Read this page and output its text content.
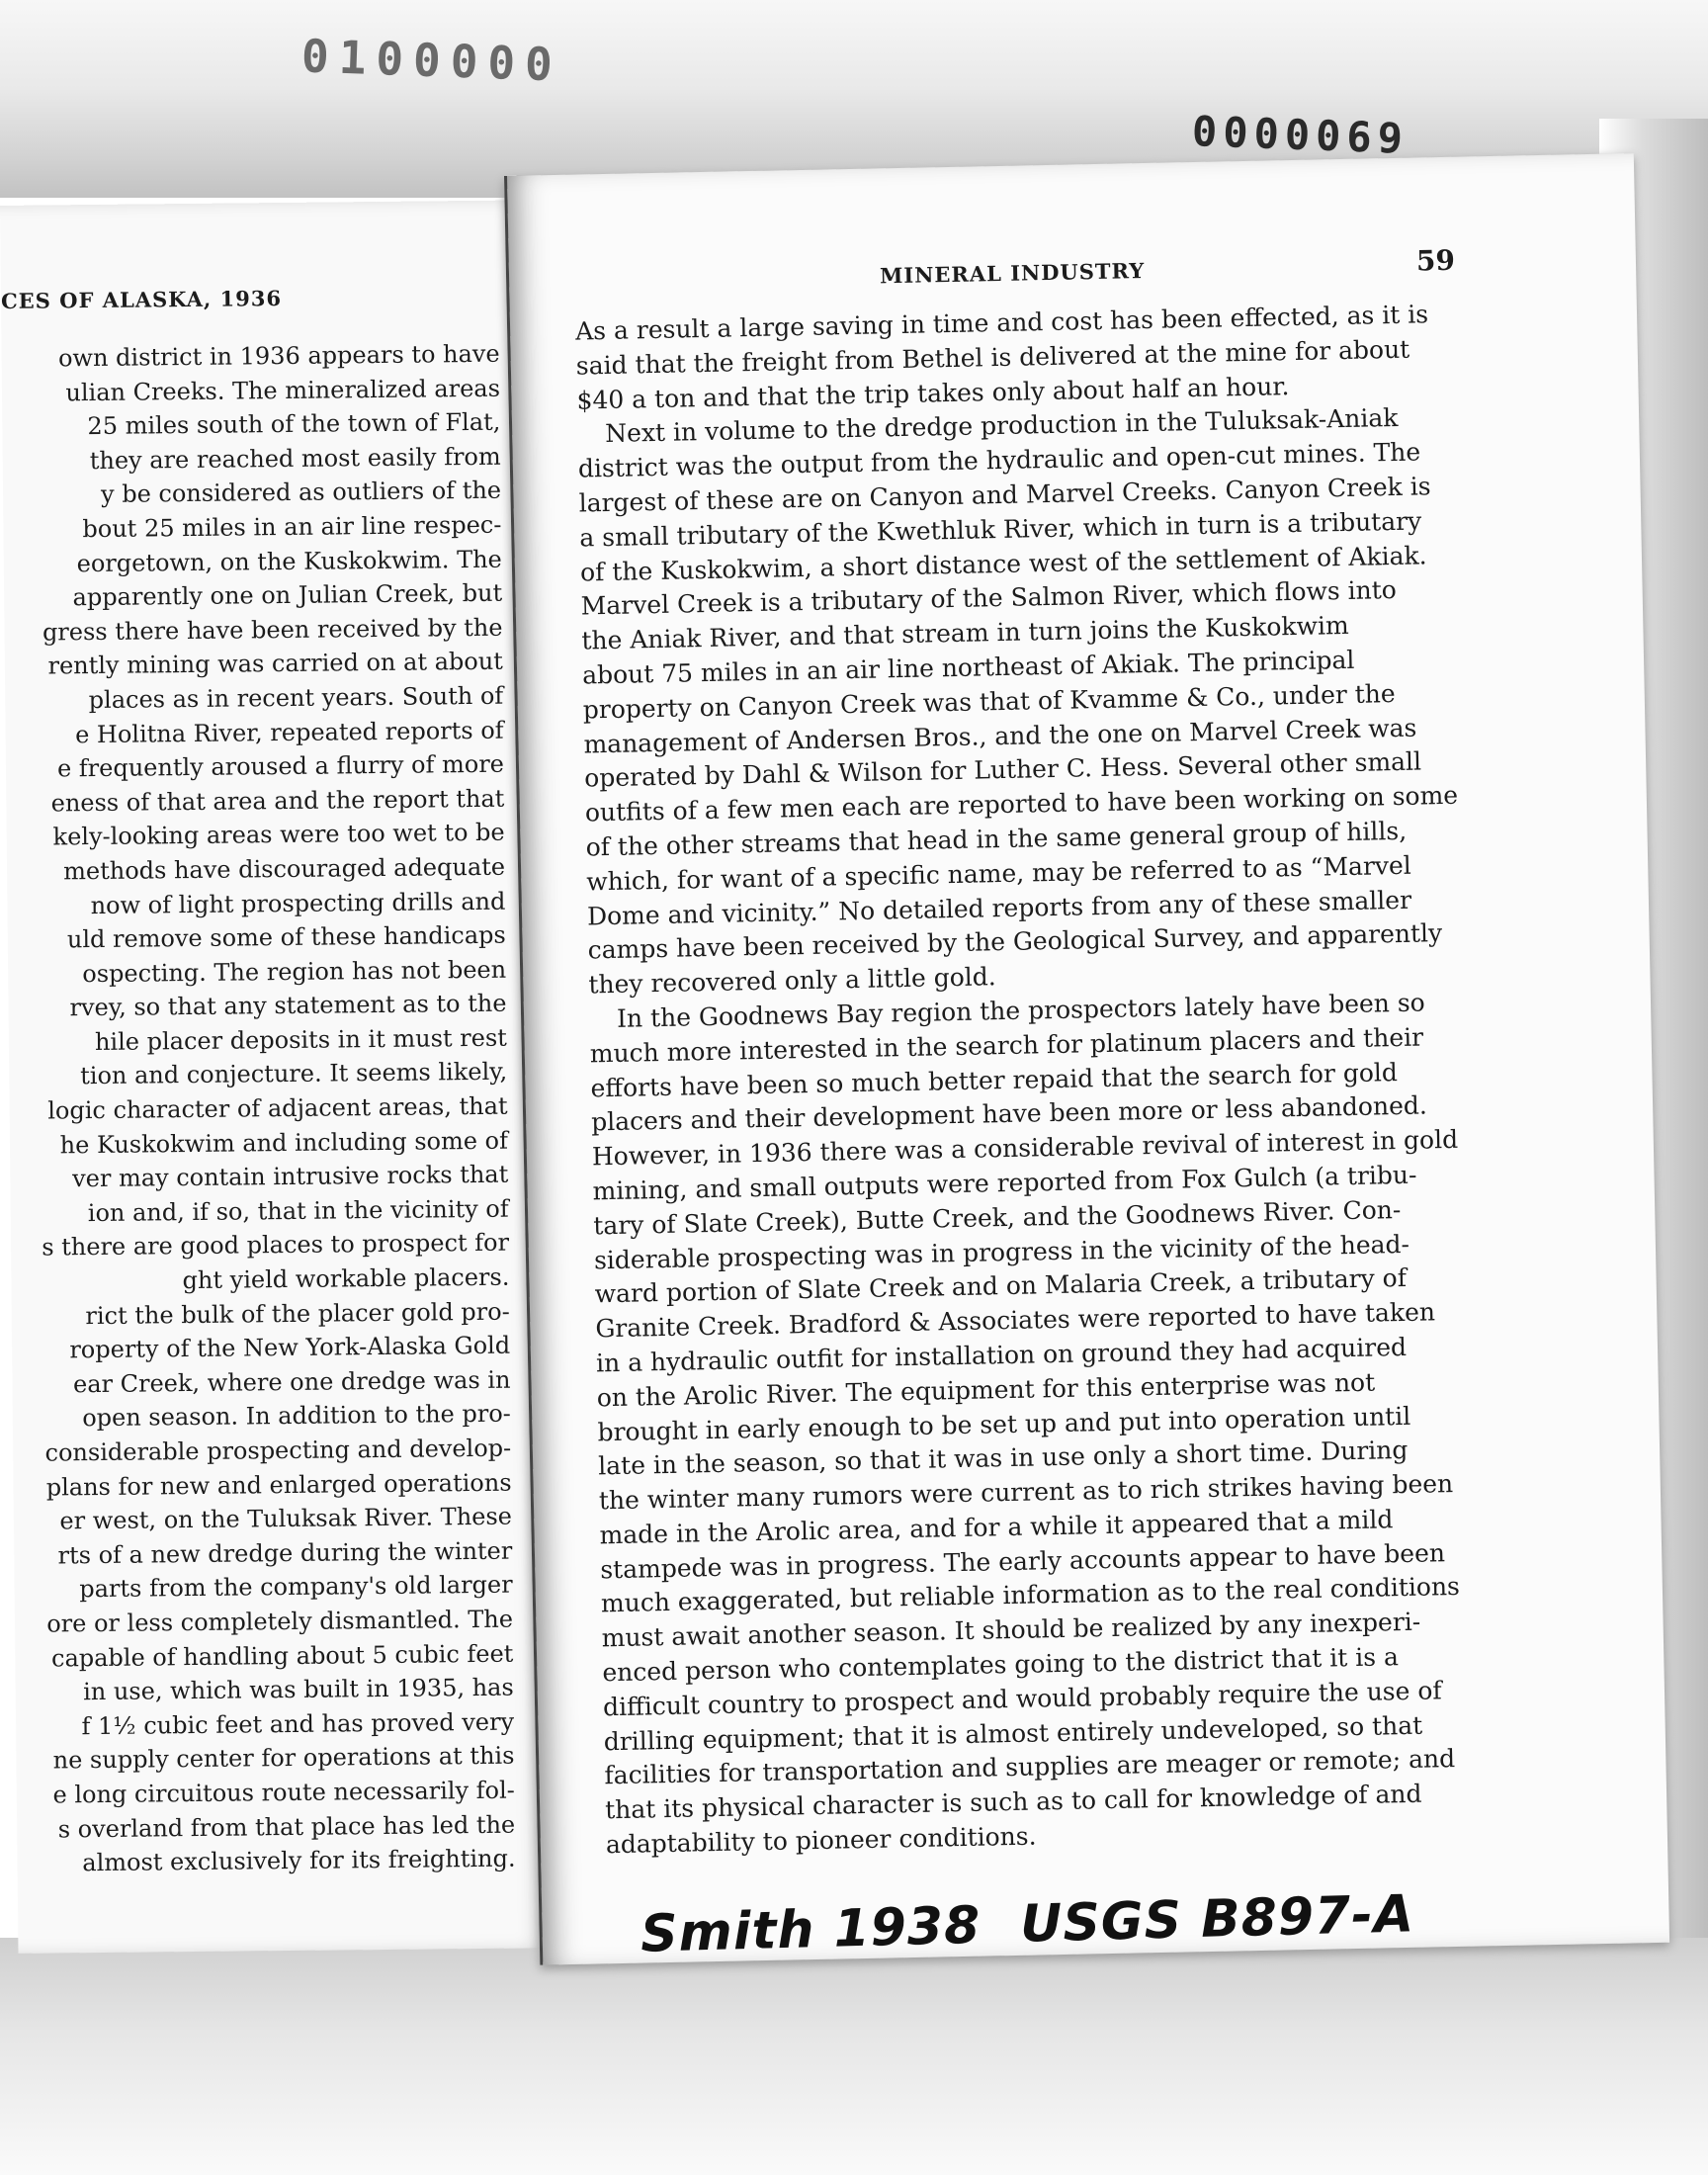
0100000
0000069
CES OF ALASKA, 1936
own district in 1936 appears to have
ulian Creeks. The mineralized areas
25 miles south of the town of Flat,
they are reached most easily from
y be considered as outliers of the
bout 25 miles in an air line respec-
eorgetown, on the Kuskokwim. The
apparently one on Julian Creek, but
gress there have been received by the
rently mining was carried on at about
places as in recent years. South of
e Holitna River, repeated reports of
e frequently aroused a flurry of more
eness of that area and the report that
kely-looking areas were too wet to be
methods have discouraged adequate
now of light prospecting drills and
uld remove some of these handicaps
ospecting. The region has not been
rvey, so that any statement as to the
hile placer deposits in it must rest
tion and conjecture. It seems likely,
logic character of adjacent areas, that
he Kuskokwim and including some of
ver may contain intrusive rocks that
ion and, if so, that in the vicinity of
s there are good places to prospect for
ght yield workable placers.
rict the bulk of the placer gold pro-
roperty of the New York-Alaska Gold
ear Creek, where one dredge was in
open season. In addition to the pro-
considerable prospecting and develop-
plans for new and enlarged operations
er west, on the Tuluksak River. These
rts of a new dredge during the winter
parts from the company's old larger
ore or less completely dismantled. The
capable of handling about 5 cubic feet
in use, which was built in 1935, has
f 1½ cubic feet and has proved very
ne supply center for operations at this
e long circuitous route necessarily fol-
s overland from that place has led the
almost exclusively for its freighting.
MINERAL INDUSTRY	59
As a result a large saving in time and cost has been effected, as it is
said that the freight from Bethel is delivered at the mine for about
$40 a ton and that the trip takes only about half an hour.
Next in volume to the dredge production in the Tuluksak-Aniak
district was the output from the hydraulic and open-cut mines. The
largest of these are on Canyon and Marvel Creeks. Canyon Creek is
a small tributary of the Kwethluk River, which in turn is a tributary
of the Kuskokwim, a short distance west of the settlement of Akiak.
Marvel Creek is a tributary of the Salmon River, which flows into
the Aniak River, and that stream in turn joins the Kuskokwim
about 75 miles in an air line northeast of Akiak. The principal
property on Canyon Creek was that of Kvamme & Co., under the
management of Andersen Bros., and the one on Marvel Creek was
operated by Dahl & Wilson for Luther C. Hess. Several other small
outfits of a few men each are reported to have been working on some
of the other streams that head in the same general group of hills,
which, for want of a specific name, may be referred to as “Marvel
Dome and vicinity.” No detailed reports from any of these smaller
camps have been received by the Geological Survey, and apparently
they recovered only a little gold.
In the Goodnews Bay region the prospectors lately have been so
much more interested in the search for platinum placers and their
efforts have been so much better repaid that the search for gold
placers and their development have been more or less abandoned.
However, in 1936 there was a considerable revival of interest in gold
mining, and small outputs were reported from Fox Gulch (a tribu-
tary of Slate Creek), Butte Creek, and the Goodnews River. Con-
siderable prospecting was in progress in the vicinity of the head-
ward portion of Slate Creek and on Malaria Creek, a tributary of
Granite Creek. Bradford & Associates were reported to have taken
in a hydraulic outfit for installation on ground they had acquired
on the Arolic River. The equipment for this enterprise was not
brought in early enough to be set up and put into operation until
late in the season, so that it was in use only a short time. During
the winter many rumors were current as to rich strikes having been
made in the Arolic area, and for a while it appeared that a mild
stampede was in progress. The early accounts appear to have been
much exaggerated, but reliable information as to the real conditions
must await another season. It should be realized by any inexperi-
enced person who contemplates going to the district that it is a
difficult country to prospect and would probably require the use of
drilling equipment; that it is almost entirely undeveloped, so that
facilities for transportation and supplies are meager or remote; and
that its physical character is such as to call for knowledge of and
adaptability to pioneer conditions.
Smith 1938 USGS B897-A
